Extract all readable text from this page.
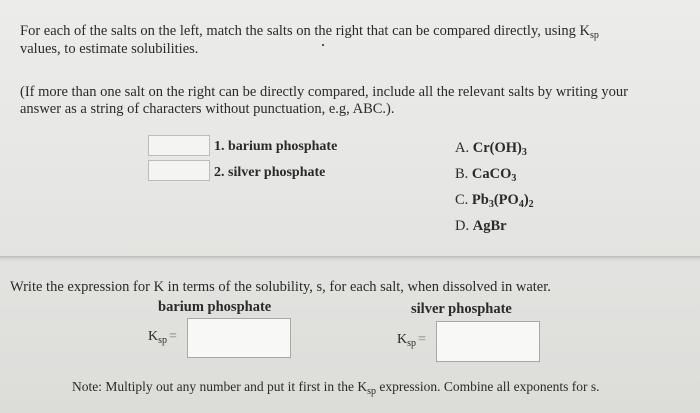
For each of the salts on the left, match the salts on the right that can be compared directly, using $K_{sp}$
values, to estimate solubilities.
(If more than one salt on the right can be directly compared, include all the relevant salts by writing your
answer as a string of characters without punctuation, e.g, ABC.).
1. barium phosphate
2. silver phosphate
A. $Cr(OH)_3$
B. CaCO$_3$
C. $Pb_3(PO_4)_2$
D. AgBr
Write the expression for K in terms of the solubility, s, for each salt, when dissolved in water.
barium phosphate	silver phosphate
$K_{sp}$ =	$K_{sp}$ =
Note: Multiply out any number and put it first in the $K_{sp}$ expression. Combine all exponents for s.
